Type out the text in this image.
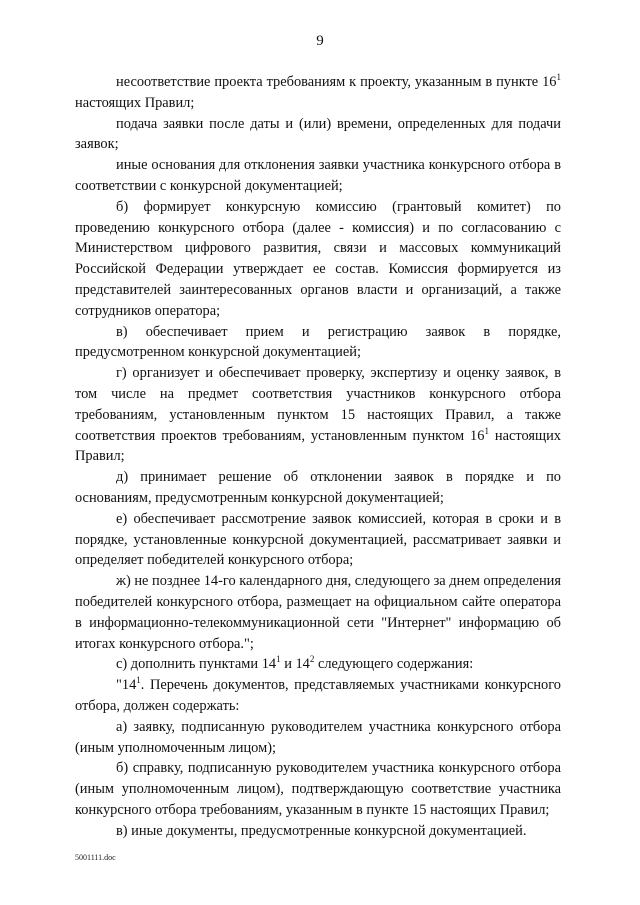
9

несоответствие проекта требованиям к проекту, указанным в пункте $16^1$ настоящих Правил;

подача заявки после даты и (или) времени, определенных для подачи заявок;

иные основания для отклонения заявки участника конкурсного отбора в соответствии с конкурсной документацией;

б) формирует конкурсную комиссию (грантовый комитет) по проведению конкурсного отбора (далее - комиссия) и по согласованию с Министерством цифрового развития, связи и массовых коммуникаций Российской Федерации утверждает ее состав. Комиссия формируется из представителей заинтересованных органов власти и организаций, а также сотрудников оператора;

в) обеспечивает прием и регистрацию заявок в порядке, предусмотренном конкурсной документацией;

г) организует и обеспечивает проверку, экспертизу и оценку заявок, в том числе на предмет соответствия участников конкурсного отбора требованиям, установленным пунктом 15 настоящих Правил, а также соответствия проектов требованиям, установленным пунктом $16^1$ настоящих Правил;

д) принимает решение об отклонении заявок в порядке и по основаниям, предусмотренным конкурсной документацией;

е) обеспечивает рассмотрение заявок комиссией, которая в сроки и в порядке, установленные конкурсной документацией, рассматривает заявки и определяет победителей конкурсного отбора;

ж) не позднее 14-го календарного дня, следующего за днем определения победителей конкурсного отбора, размещает на официальном сайте оператора в информационно-телекоммуникационной сети "Интернет" информацию об итогах конкурсного отбора.";

с) дополнить пунктами $14^1$ и $14^2$ следующего содержания:

"$14^1$. Перечень документов, представляемых участниками конкурсного отбора, должен содержать:

а) заявку, подписанную руководителем участника конкурсного отбора (иным уполномоченным лицом);

б) справку, подписанную руководителем участника конкурсного отбора (иным уполномоченным лицом), подтверждающую соответствие участника конкурсного отбора требованиям, указанным в пункте 15 настоящих Правил;

в) иные документы, предусмотренные конкурсной документацией.

5001111.doc
